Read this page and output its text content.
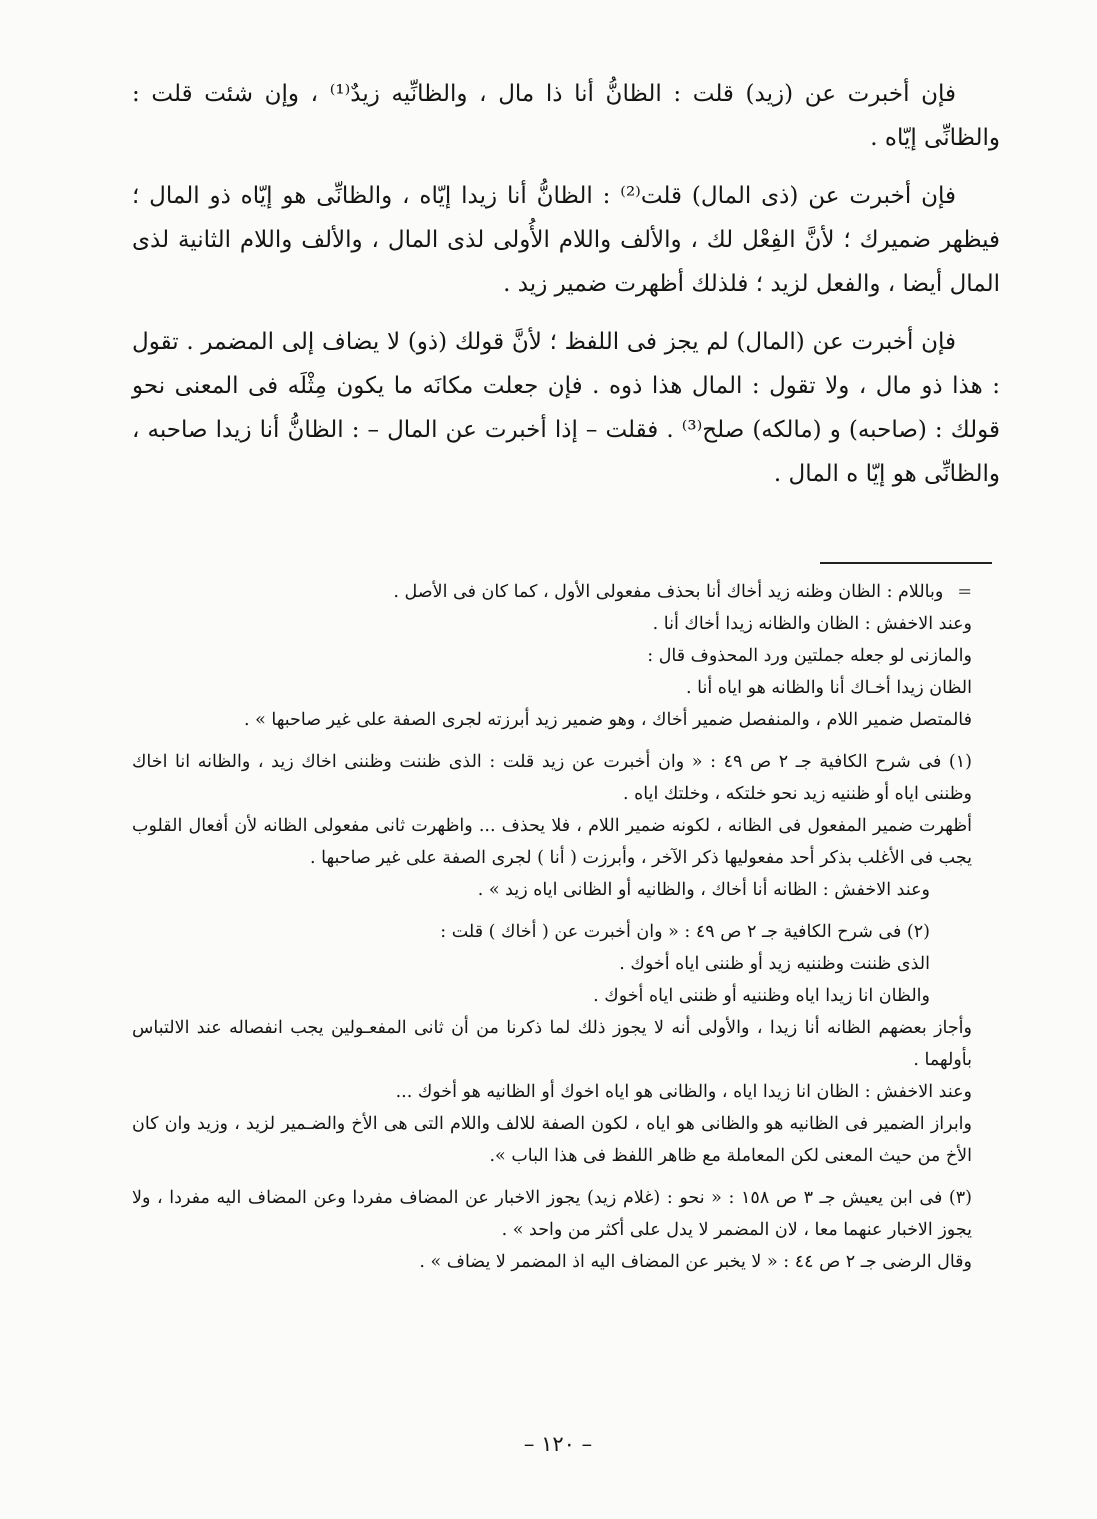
فإن أخبرت عن (زيد) قلت : الظانُّ أنا ذا مال ، والظانِّيه زيدٌ⁽¹⁾ ، وإن شئت قلت : والظانِّى إيّاه .

فإن أخبرت عن (ذى المال) قلت⁽²⁾ : الظانُّ أنا زيدا إيّاه ، والظانِّى هو إيّاه ذو المال ؛ فيظهر ضميرك ؛ لأنَّ الفِعْل لك ، والألف واللام الأُولى لذى المال ، والألف واللام الثانية لذى المال أيضا ، والفعل لزيد ؛ فلذلك أظهرت ضمير زيد .

فإن أخبرت عن (المال) لم يجز فى اللفظ ؛ لأنَّ قولك (ذو) لا يضاف إلى المضمر . تقول : هذا ذو مال ، ولا تقول : المال هذا ذوه . فإن جعلت مكانَه ما يكون مِثْلَه فى المعنى نحو قولك : (صاحبه) و (مالكه) صلح⁽³⁾ . فقلت – إذا أخبرت عن المال – : الظانُّ أنا زيدا صاحبه ، والظانِّى هو إيّا ه المال .

=وباللام : الظان وظنه زيد أخاك أنا بحذف مفعولى الأول ، كما كان فى الأصل .
وعند الاخفش : الظان والظانه زيدا أخاك أنا .
والمازنى لو جعله جملتين ورد المحذوف قال :
الظان زيدا أخـاك أنا والظانه هو اياه أنا .
فالمتصل ضمير اللام ، والمنفصل ضمير أخاك ، وهو ضمير زيد أبرزته لجرى الصفة على غير صاحبها » .
(١) فى شرح الكافية جـ ٢ ص ٤٩ : « وان أخبرت عن زيد قلت : الذى ظننت وظننى اخاك زيد ، والظانه انا اخاك وظننى اياه أو ظننيه زيد نحو خلتكه ، وخلتك اياه .
أظهرت ضمير المفعول فى الظانه ، لكونه ضمير اللام ، فلا يحذف ... واظهرت ثانى مفعولى الظانه لأن أفعال القلوب يجب فى الأغلب بذكر أحد مفعوليها ذكر الآخر ، وأبرزت ( أنا ) لجرى الصفة على غير صاحبها .
وعند الاخفش : الظانه أنا أخاك ، والظانيه أو الظانى اياه زيد » .
(٢) فى شرح الكافية جـ ٢ ص ٤٩ : « وان أخبرت عن ( أخاك ) قلت :
الذى ظننت وظننيه زيد أو ظننى اياه أخوك .
والظان انا زيدا اياه وظننيه أو ظننى اياه أخوك .
وأجاز بعضهم الظانه أنا زيدا ، والأولى أنه لا يجوز ذلك لما ذكرنا من أن ثانى المفعـولين يجب انفصاله عند الالتباس بأولهما .
وعند الاخفش : الظان انا زيدا اياه ، والظانى هو اياه اخوك أو الظانيه هو أخوك ...
وابراز الضمير فى الظانيه هو والظانى هو اياه ، لكون الصفة للالف واللام التى هى الأخ والضـمير لزيد ، وزيد وان كان الأخ من حيث المعنى لكن المعاملة مع ظاهر اللفظ فى هذا الباب ».
(٣) فى ابن يعيش جـ ٣ ص ١٥٨ : « نحو : (غلام زيد) يجوز الاخبار عن المضاف مفردا وعن المضاف اليه مفردا ، ولا يجوز الاخبار عنهما معا ، لان المضمر لا يدل على أكثر من واحد » .
وقال الرضى جـ ٢ ص ٤٤ : « لا يخبر عن المضاف اليه اذ المضمر لا يضاف » .
– ١٢٠ –
